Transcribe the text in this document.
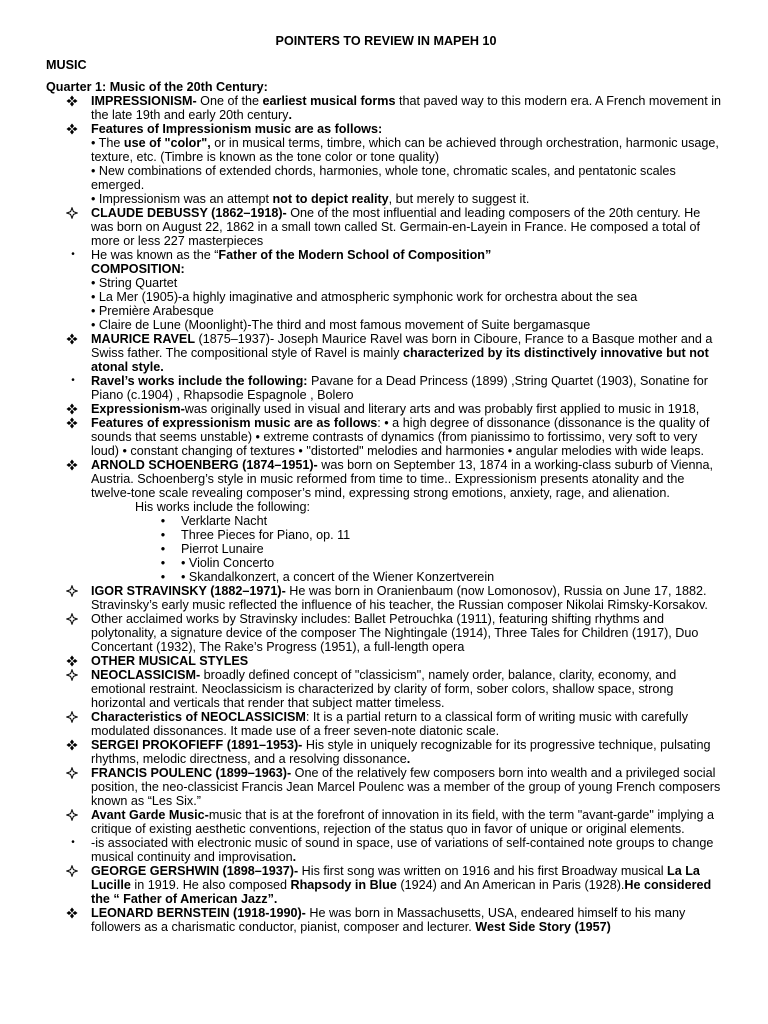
POINTERS TO REVIEW IN MAPEH 10
MUSIC
Quarter 1: Music of the 20th Century:
IMPRESSIONISM- One of the earliest musical forms that paved way to this modern era. A French movement in the late 19th and early 20th century.
Features of Impressionism music are as follows:
• The use of "color", or in musical terms, timbre, which can be achieved through orchestration, harmonic usage, texture, etc. (Timbre is known as the tone color or tone quality)
• New combinations of extended chords, harmonies, whole tone, chromatic scales, and pentatonic scales emerged.
• Impressionism was an attempt not to depict reality, but merely to suggest it.
CLAUDE DEBUSSY (1862–1918)- One of the most influential and leading composers of the 20th century. He was born on August 22, 1862 in a small town called St. Germain-en-Layein in France. He composed a total of more or less 227 masterpieces
•	He was known as the “Father of the Modern School of Composition”
COMPOSITION:
• String Quartet
• La Mer (1905)-a highly imaginative and atmospheric symphonic work for orchestra about the sea
• Première Arabesque
• Claire de Lune (Moonlight)-The third and most famous movement of Suite bergamasque
MAURICE RAVEL (1875–1937)- Joseph Maurice Ravel was born in Ciboure, France to a Basque mother and a Swiss father. The compositional style of Ravel is mainly characterized by its distinctively innovative but not atonal style.
•	Ravel’s works include the following: Pavane for a Dead Princess (1899) ,String Quartet (1903), Sonatine for Piano (c.1904) , Rhapsodie Espagnole , Bolero
Expressionism-was originally used in visual and literary arts and was probably first applied to music in 1918,
Features of expressionism music are as follows: • a high degree of dissonance (dissonance is the quality of sounds that seems unstable) • extreme contrasts of dynamics (from pianissimo to fortissimo, very soft to very loud) • constant changing of textures • "distorted" melodies and harmonies • angular melodies with wide leaps.
ARNOLD SCHOENBERG (1874–1951)- was born on September 13, 1874 in a working-class suburb of Vienna, Austria. Schoenberg’s style in music reformed from time to time.. Expressionism presents atonality and the twelve-tone scale revealing composer’s mind, expressing strong emotions, anxiety, rage, and alienation.
His works include the following:
• Verklarte Nacht
• Three Pieces for Piano, op. 11
• Pierrot Lunaire
• • Violin Concerto
• • Skandalkonzert, a concert of the Wiener Konzertverein
IGOR STRAVINSKY (1882–1971)- He was born in Oranienbaum (now Lomonosov), Russia on June 17, 1882. Stravinsky’s early music reflected the influence of his teacher, the Russian composer Nikolai Rimsky-Korsakov.
Other acclaimed works by Stravinsky includes: Ballet Petrouchka (1911), featuring shifting rhythms and polytonality, a signature device of the composer The Nightingale (1914), Three Tales for Children (1917), Duo Concertant (1932), The Rake’s Progress (1951), a full-length opera
OTHER MUSICAL STYLES
NEOCLASSICISM- broadly defined concept of "classicism", namely order, balance, clarity, economy, and emotional restraint. Neoclassicism is characterized by clarity of form, sober colors, shallow space, strong horizontal and verticals that render that subject matter timeless.
Characteristics of NEOCLASSICISM: It is a partial return to a classical form of writing music with carefully modulated dissonances. It made use of a freer seven-note diatonic scale.
SERGEI PROKOFIEFF (1891–1953)- His style in uniquely recognizable for its progressive technique, pulsating rhythms, melodic directness, and a resolving dissonance.
FRANCIS POULENC (1899–1963)- One of the relatively few composers born into wealth and a privileged social position, the neo-classicist Francis Jean Marcel Poulenc was a member of the group of young French composers known as “Les Six.”
Avant Garde Music-music that is at the forefront of innovation in its field, with the term "avant-garde" implying a critique of existing aesthetic conventions, rejection of the status quo in favor of unique or original elements.
•	-is associated with electronic music of sound in space, use of variations of self-contained note groups to change musical continuity and improvisation.
GEORGE GERSHWIN (1898–1937)- His first song was written on 1916 and his first Broadway musical La La Lucille in 1919. He also composed Rhapsody in Blue (1924) and An American in Paris (1928).He considered the “ Father of American Jazz”.
LEONARD BERNSTEIN (1918-1990)- He was born in Massachusetts, USA, endeared himself to his many followers as a charismatic conductor, pianist, composer and lecturer. West Side Story (1957)
